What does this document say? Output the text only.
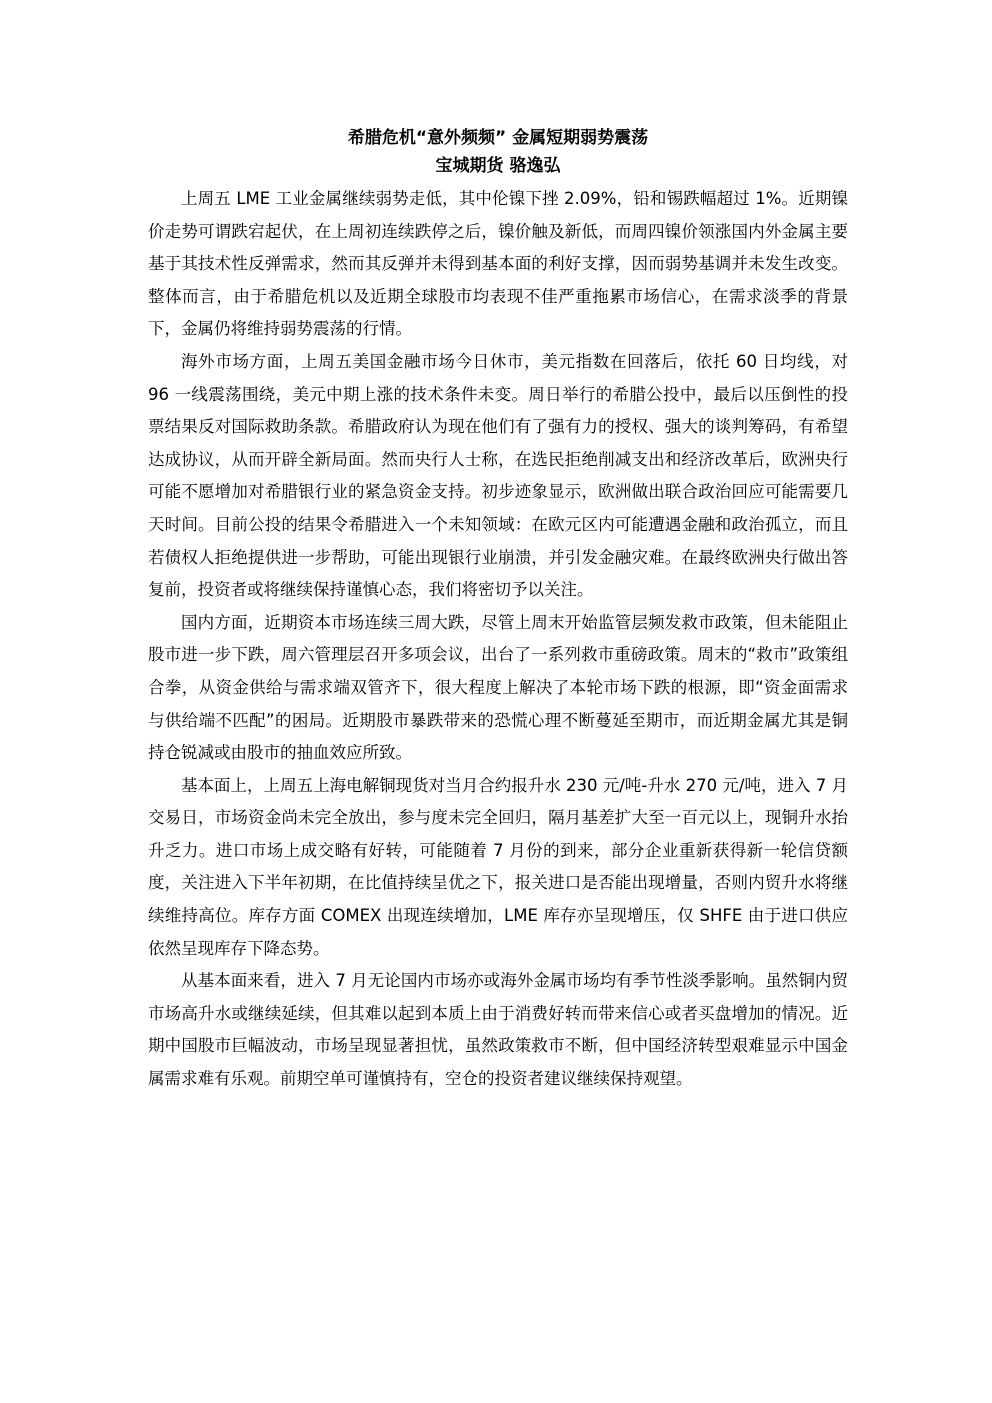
希腊危机“意外频频” 金属短期弱势震荡
宝城期货 骆逸弘

上周五 LME 工业金属继续弱势走低，其中伦镍下挫 2.09%，铅和锡跌幅超过 1%。近期镍价走势可谓跌宕起伏，在上周初连续跌停之后，镍价触及新低，而周四镍价领涨国内外金属主要基于其技术性反弹需求，然而其反弹并未得到基本面的利好支撑，因而弱势基调并未发生改变。整体而言，由于希腊危机以及近期全球股市均表现不佳严重拖累市场信心，在需求淡季的背景下，金属仍将维持弱势震荡的行情。

海外市场方面，上周五美国金融市场今日休市，美元指数在回落后，依托 60 日均线，对 96 一线震荡围绕，美元中期上涨的技术条件未变。周日举行的希腊公投中，最后以压倒性的投票结果反对国际救助条款。希腊政府认为现在他们有了强有力的授权、强大的谈判筹码，有希望达成协议，从而开辟全新局面。然而央行人士称，在选民拒绝削减支出和经济改革后，欧洲央行可能不愿增加对希腊银行业的紧急资金支持。初步迹象显示，欧洲做出联合政治回应可能需要几天时间。目前公投的结果令希腊进入一个未知领域：在欧元区内可能遭遇金融和政治孤立，而且若债权人拒绝提供进一步帮助，可能出现银行业崩溃，并引发金融灾难。在最终欧洲央行做出答复前，投资者或将继续保持谨慎心态，我们将密切予以关注。

国内方面，近期资本市场连续三周大跌，尽管上周末开始监管层频发救市政策，但未能阻止股市进一步下跌，周六管理层召开多项会议，出台了一系列救市重磅政策。周末的“救市”政策组合拳，从资金供给与需求端双管齐下，很大程度上解决了本轮市场下跌的根源，即“资金面需求与供给端不匹配”的困局。近期股市暴跌带来的恐慌心理不断蔓延至期市，而近期金属尤其是铜持仓锐减或由股市的抽血效应所致。

基本面上，上周五上海电解铜现货对当月合约报升水 230 元/吨-升水 270 元/吨，进入 7 月交易日，市场资金尚未完全放出，参与度未完全回归，隔月基差扩大至一百元以上，现铜升水抬升乏力。进口市场上成交略有好转，可能随着 7 月份的到来，部分企业重新获得新一轮信贷额度，关注进入下半年初期，在比值持续呈优之下，报关进口是否能出现增量，否则内贸升水将继续维持高位。库存方面 COMEX 出现连续增加，LME 库存亦呈现增压，仅 SHFE 由于进口供应依然呈现库存下降态势。

从基本面来看，进入 7 月无论国内市场亦或海外金属市场均有季节性淡季影响。虽然铜内贸市场高升水或继续延续，但其难以起到本质上由于消费好转而带来信心或者买盘增加的情况。近期中国股市巨幅波动，市场呈现显著担忧，虽然政策救市不断，但中国经济转型艰难显示中国金属需求难有乐观。前期空单可谨慎持有，空仓的投资者建议继续保持观望。
